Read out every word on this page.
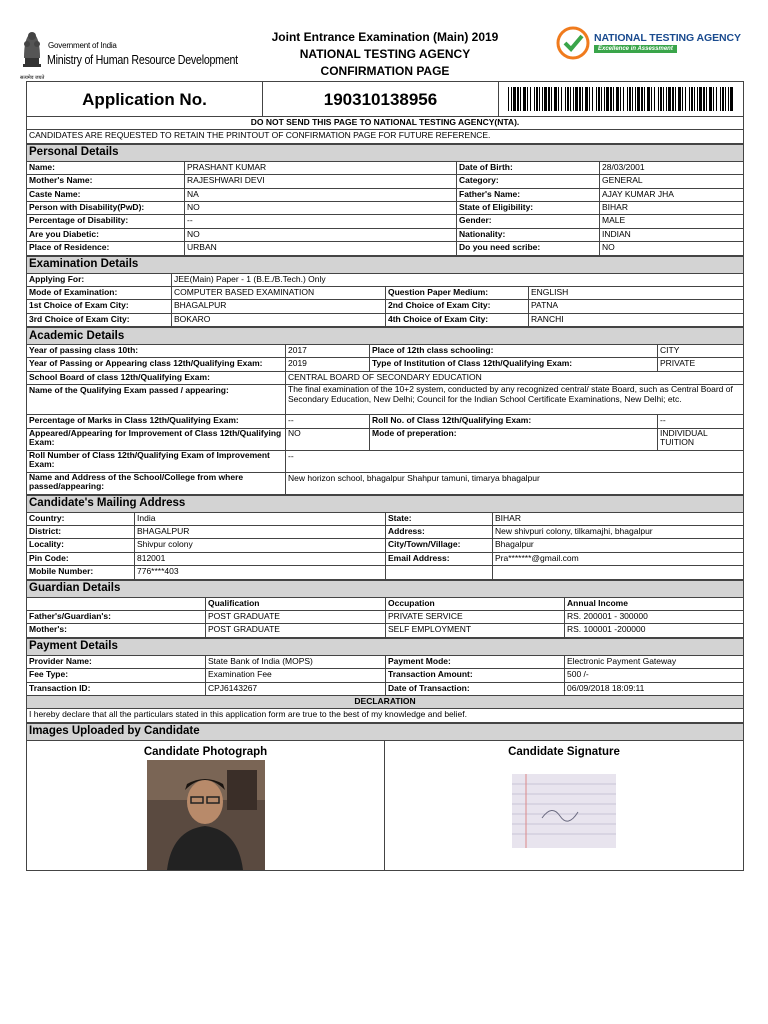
Government of India
Ministry of Human Resource Development
सत्यमेव जयते
Joint Entrance Examination (Main) 2019
NATIONAL TESTING AGENCY
CONFIRMATION PAGE
NATIONAL TESTING AGENCY
Excellence in Assessment
Application No.	190310138956	

DO NOT SEND THIS PAGE TO NATIONAL TESTING AGENCY(NTA).
CANDIDATES ARE REQUESTED TO RETAIN THE PRINTOUT OF CONFIRMATION PAGE FOR FUTURE REFERENCE.
Personal Details			
Name:	PRASHANT KUMAR	Date of Birth:	28/03/2001
Mother's Name:	RAJESHWARI DEVI	Category:	GENERAL
Caste Name:	NA	Father's Name:	AJAY KUMAR JHA
Person with Disability(PwD):	NO	State of Eligibility:	BIHAR
Percentage of Disability:	--	Gender:	MALE
Are you Diabetic:	NO	Nationality:	INDIAN
Place of Residence:	URBAN	Do you need scribe:	NO
Examination Details			
Applying For:	JEE(Main) Paper - 1 (B.E./B.Tech.) Only		
Mode of Examination:	COMPUTER BASED EXAMINATION	Question Paper Medium:	ENGLISH
1st Choice of Exam City:	BHAGALPUR	2nd Choice of Exam City:	PATNA
3rd Choice of Exam City:	BOKARO	4th Choice of Exam City:	RANCHI
Academic Details			
Year of passing class 10th:	2017	Place of 12th class schooling:	CITY
Year of Passing or Appearing class 12th/Qualifying Exam:	2019	Type of Institution of Class 12th/Qualifying Exam:	PRIVATE
School Board of class 12th/Qualifying Exam:	CENTRAL BOARD OF SECONDARY EDUCATION		
Name of the Qualifying Exam passed / appearing:	The final examination of the 10+2 system, conducted by any recognized central/ state Board, such as Central Board of Secondary Education, New Delhi; Council for the Indian School Certificate Examinations, New Delhi; etc.		
Percentage of Marks in Class 12th/Qualifying Exam:	--	Roll No. of Class 12th/Qualifying Exam:	--
Appeared/Appearing for Improvement of Class 12th/Qualifying Exam:	NO	Mode of preperation:	INDIVIDUAL TUITION
Roll Number of Class 12th/Qualifying Exam of Improvement Exam:	--		
Name and Address of the School/College from where passed/appearing:	New horizon school, bhagalpur Shahpur tamuni, timarya bhagalpur		
Candidate's Mailing Address			
Country:	India	State:	BIHAR
District:	BHAGALPUR	Address:	New shivpuri colony, tilkamajhi, bhagalpur
Locality:	Shivpur colony	City/Town/Village:	Bhagalpur
Pin Code:	812001	Email Address:	Pra*******@gmail.com
Mobile Number:	776****403		
Guardian Details			
	Qualification	Occupation	Annual Income
Father's/Guardian's:	POST GRADUATE	PRIVATE SERVICE	RS. 200001 - 300000
Mother's:	POST GRADUATE	SELF EMPLOYMENT	RS. 100001 -200000
Payment Details			
Provider Name:	State Bank of India (MOPS)	Payment Mode:	Electronic Payment Gateway
Fee Type:	Examination Fee	Transaction Amount:	500 /-
Transaction ID:	CPJ6143267	Date of Transaction:	06/09/2018 18:09:11
DECLARATION			
I hereby declare that all the particulars stated in this application form are true to the best of my knowledge and belief.			
Images Uploaded by Candidate

Candidate Photograph	Candidate Signature
